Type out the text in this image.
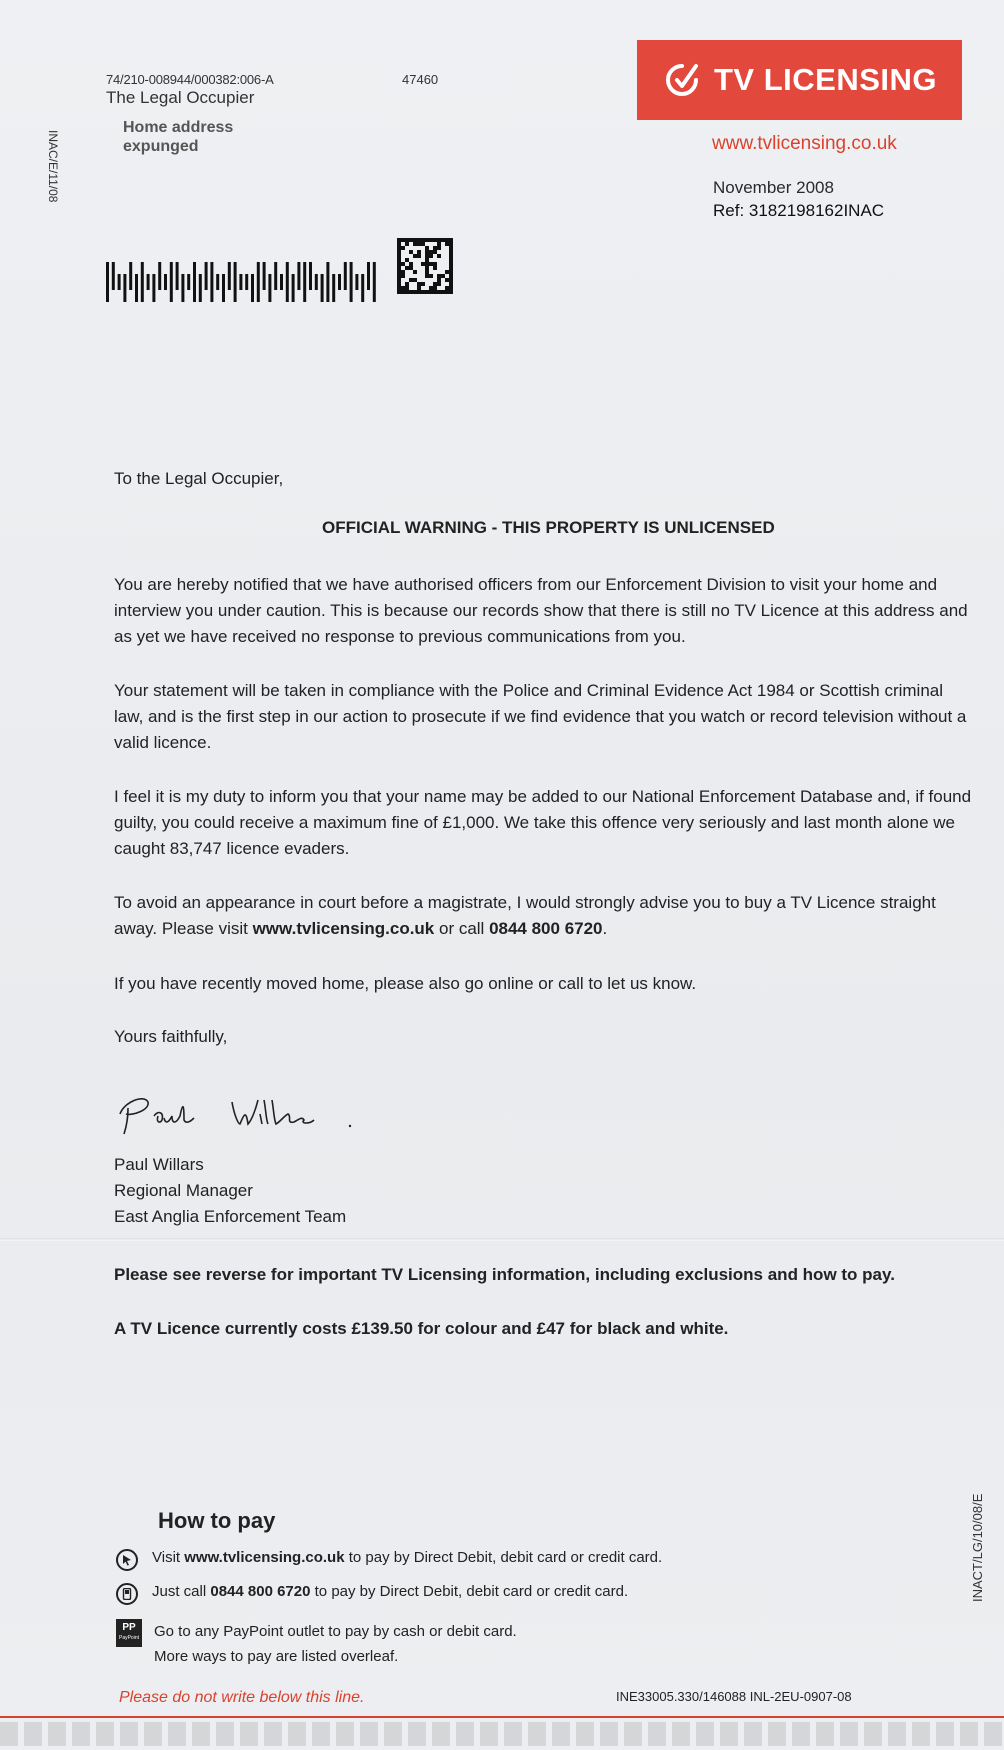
74/210-008944/000382:006-A	47460
The Legal Occupier
Home address expunged
INAC/E/11/08
TV LICENSING
www.tvlicensing.co.uk
November 2008
Ref: 3182198162INAC
To the Legal Occupier,
OFFICIAL WARNING - THIS PROPERTY IS UNLICENSED
You are hereby notified that we have authorised officers from our Enforcement Division to visit your home and interview you under caution. This is because our records show that there is still no TV Licence at this address and as yet we have received no response to previous communications from you.
Your statement will be taken in compliance with the Police and Criminal Evidence Act 1984 or Scottish criminal law, and is the first step in our action to prosecute if we find evidence that you watch or record television without a valid licence.
I feel it is my duty to inform you that your name may be added to our National Enforcement Database and, if found guilty, you could receive a maximum fine of £1,000. We take this offence very seriously and last month alone we caught 83,747 licence evaders.
To avoid an appearance in court before a magistrate, I would strongly advise you to buy a TV Licence straight away. Please visit www.tvlicensing.co.uk or call 0844 800 6720.
If you have recently moved home, please also go online or call to let us know.
Yours faithfully,
Paul Willars
Regional Manager
East Anglia Enforcement Team
Please see reverse for important TV Licensing information, including exclusions and how to pay.
A TV Licence currently costs £139.50 for colour and £47 for black and white.
How to pay
Visit www.tvlicensing.co.uk to pay by Direct Debit, debit card or credit card.
Just call 0844 800 6720 to pay by Direct Debit, debit card or credit card.
PP
PayPoint Go to any PayPoint outlet to pay by cash or debit card.
More ways to pay are listed overleaf.
INACT/LG/10/08/E
Please do not write below this line.	INE33005.330/146088 INL-2EU-0907-08
